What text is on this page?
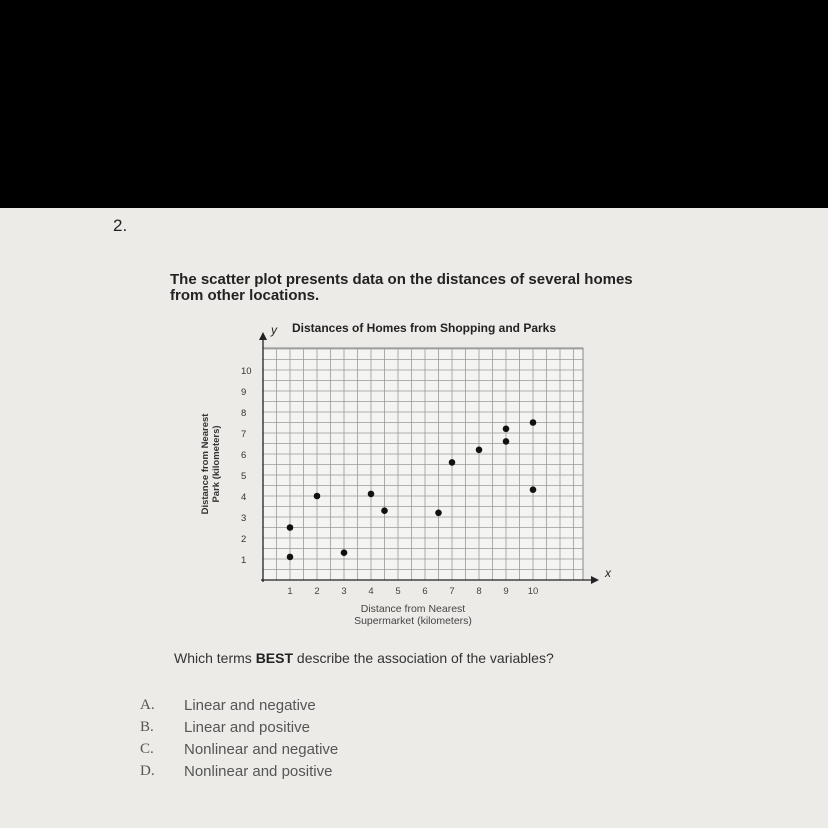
2.
The scatter plot presents data on the distances of several homes from other locations.
Distances of Homes from Shopping and Parks
1
2
3
4
5
6
7
8
9
10
1 2 3 4 5 6 7 8 9 10
y
x
Distance from NearestPark (kilometers)
Distance from Nearest Supermarket (kilometers)
Which terms BEST describe the association of the variables?
A.	Linear and negative
B.	Linear and positive
C.	Nonlinear and negative
D.	Nonlinear and positive
